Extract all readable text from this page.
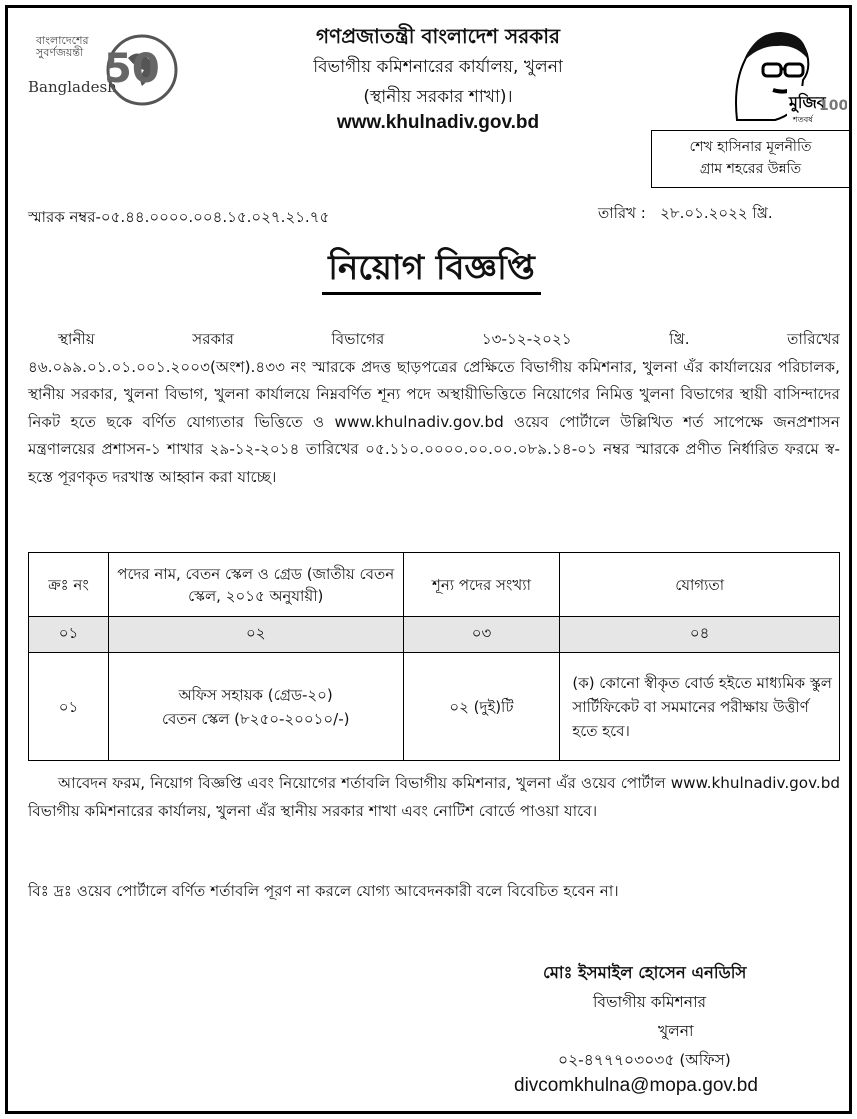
বাংলাদেশের
সুবর্ণজয়ন্তী
Bangladesh
50
গণপ্রজাতন্ত্রী বাংলাদেশ সরকার
বিভাগীয় কমিশনারের কার্যালয়, খুলনা
(স্থানীয় সরকার শাখা)।
www.khulnadiv.gov.bd
মুজিব
শতবর্ষ
100
শেখ হাসিনার মূলনীতি
গ্রাম শহরের উন্নতি
স্মারক নম্বর-০৫.৪৪.০০০০.০০৪.১৫.০২৭.২১.৭৫	তারিখ : ২৮.০১.২০২২ খ্রি.
নিয়োগ বিজ্ঞপ্তি
স্থানীয় সরকার বিভাগের ১৩-১২-২০২১ খ্রি. তারিখের
৪৬.০৯৯.০১.০১.০০১.২০০৩(অংশ).৪৩৩ নং স্মারকে প্রদত্ত ছাড়পত্রের প্রেক্ষিতে বিভাগীয় কমিশনার, খুলনা এঁর কার্যালয়ের পরিচালক, স্থানীয় সরকার, খুলনা বিভাগ, খুলনা কার্যালয়ে নিম্নবর্ণিত শূন্য পদে অস্থায়ীভিত্তিতে নিয়োগের নিমিত্ত খুলনা বিভাগের স্থায়ী বাসিন্দাদের নিকট হতে ছকে বর্ণিত যোগ্যতার ভিত্তিতে ও www.khulnadiv.gov.bd ওয়েব পোর্টালে উল্লিখিত শর্ত সাপেক্ষে জনপ্রশাসন মন্ত্রণালয়ের প্রশাসন-১ শাখার ২৯-১২-২০১৪ তারিখের ০৫.১১০.০০০০.০০.০০.০৮৯.১৪-০১ নম্বর স্মারকে প্রণীত নির্ধারিত ফরমে স্ব-হস্তে পূরণকৃত দরখাস্ত আহ্বান করা যাচ্ছে।
ক্রঃ নং	পদের নাম, বেতন স্কেল ও গ্রেড (জাতীয় বেতন স্কেল, ২০১৫ অনুযায়ী)	শূন্য পদের সংখ্যা	যোগ্যতা
০১	০২	০৩	০৪
০১	অফিস সহায়ক (গ্রেড-২০)
বেতন স্কেল (৮২৫০-২০০১০/-)	০২ (দুই)টি	(ক) কোনো স্বীকৃত বোর্ড হইতে মাধ্যমিক স্কুল সার্টিফিকেট বা সমমানের পরীক্ষায় উত্তীর্ণ হতে হবে।
আবেদন ফরম, নিয়োগ বিজ্ঞপ্তি এবং নিয়োগের শর্তাবলি বিভাগীয় কমিশনার, খুলনা এঁর ওয়েব পোর্টাল www.khulnadiv.gov.bd বিভাগীয় কমিশনারের কার্যালয়, খুলনা এঁর স্থানীয় সরকার শাখা এবং নোটিশ বোর্ডে পাওয়া যাবে।
বিঃ দ্রঃ ওয়েব পোর্টালে বর্ণিত শর্তাবলি পূরণ না করলে যোগ্য আবেদনকারী বলে বিবেচিত হবেন না।
মোঃ ইসমাইল হোসেন এনডিসি
বিভাগীয় কমিশনার
খুলনা
০২-৪৭৭৭০৩০৩৫ (অফিস)
divcomkhulna@mopa.gov.bd
